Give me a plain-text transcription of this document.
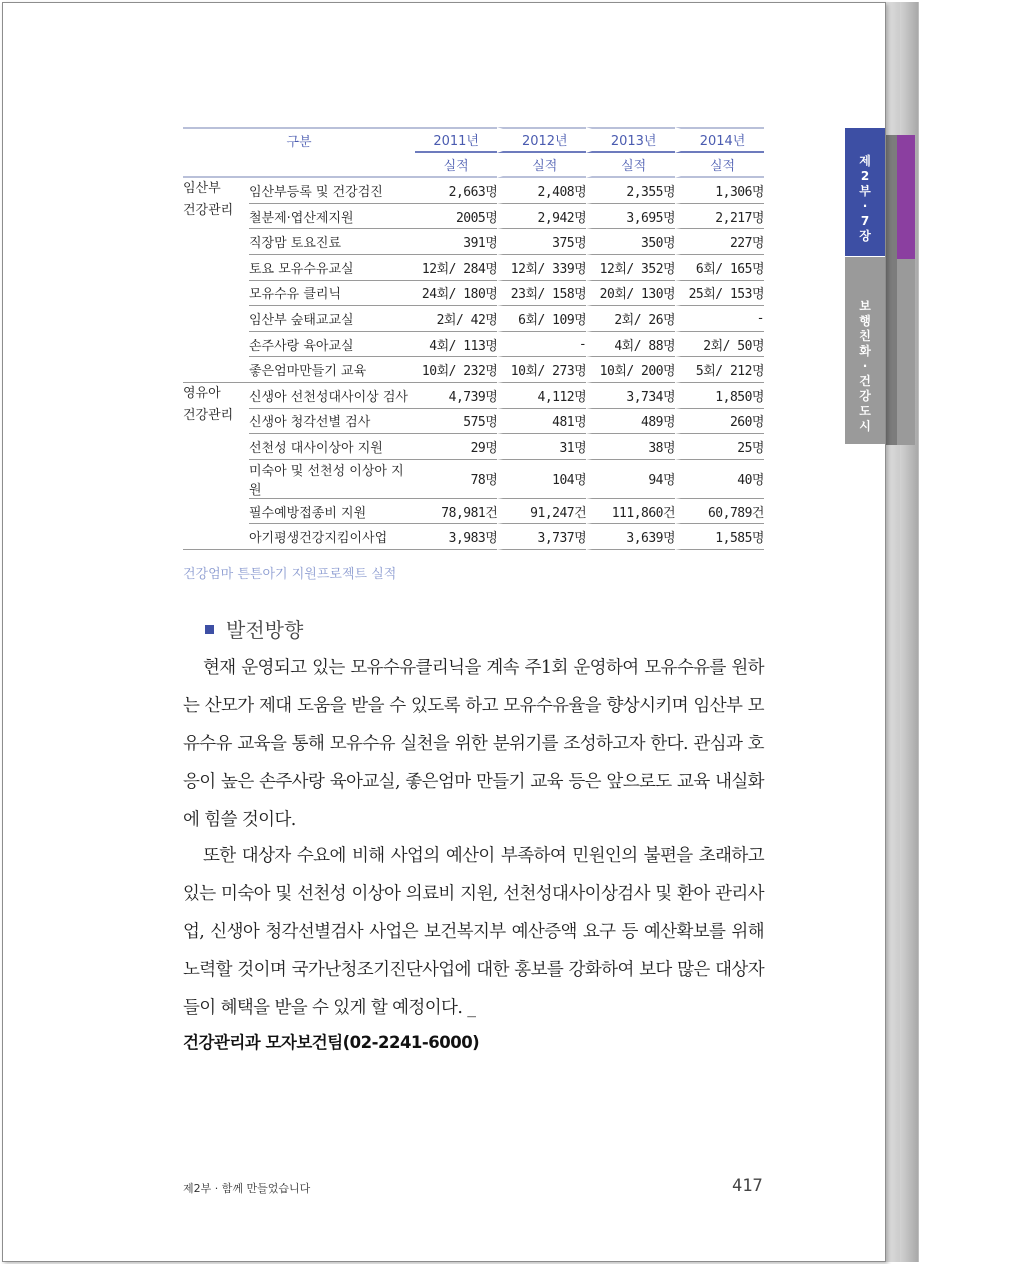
제
2
부
·
7
장
보
행
친
화
·
건
강
도
시
구분		2011년	2012년	2013년	2014년
		실적	실적	실적	실적

임산부
건강관리	임산부등록 및 건강검진	2,663명	2,408명	2,355명	1,306명
	철분제·엽산제지원	2005명	2,942명	3,695명	2,217명
	직장맘 토요진료	391명	375명	350명	227명
	토요 모유수유교실	12회/ 284명	12회/ 339명	12회/ 352명	6회/ 165명
	모유수유 클리닉	24회/ 180명	23회/ 158명	20회/ 130명	25회/ 153명
	임산부 숲태교교실	2회/ 42명	6회/ 109명	2회/ 26명	-
	손주사랑 육아교실	4회/ 113명	-	4회/ 88명	2회/ 50명
	좋은엄마만들기 교육	10회/ 232명	10회/ 273명	10회/ 200명	5회/ 212명

영유아
건강관리	신생아 선천성대사이상 검사	4,739명	4,112명	3,734명	1,850명
	신생아 청각선별 검사	575명	481명	489명	260명
	선천성 대사이상아 지원	29명	31명	38명	25명
	미숙아 및 선천성 이상아 지원	78명	104명	94명	40명
	필수예방접종비 지원	78,981건	91,247건	111,860건	60,789건
	아기평생건강지킴이사업	3,983명	3,737명	3,639명	1,585명
건강엄마 튼튼아기 지원프로젝트 실적
발전방향
현재 운영되고 있는 모유수유클리닉을 계속 주1회 운영하여 모유수유를 원하는 산모가 제대 도움을 받을 수 있도록 하고 모유수유율을 향상시키며 임산부 모유수유 교육을 통해 모유수유 실천을 위한 분위기를 조성하고자 한다. 관심과 호응이 높은 손주사랑 육아교실, 좋은엄마 만들기 교육 등은 앞으로도 교육 내실화에 힘쓸 것이다.
또한 대상자 수요에 비해 사업의 예산이 부족하여 민원인의 불편을 초래하고 있는 미숙아 및 선천성 이상아 의료비 지원, 선천성대사이상검사 및 환아 관리사업, 신생아 청각선별검사 사업은 보건복지부 예산증액 요구 등 예산확보를 위해 노력할 것이며 국가난청조기진단사업에 대한 홍보를 강화하여 보다 많은 대상자들이 혜택을 받을 수 있게 할 예정이다. _
건강관리과 모자보건팀(02-2241-6000)
제2부 · 함께 만들었습니다	417
